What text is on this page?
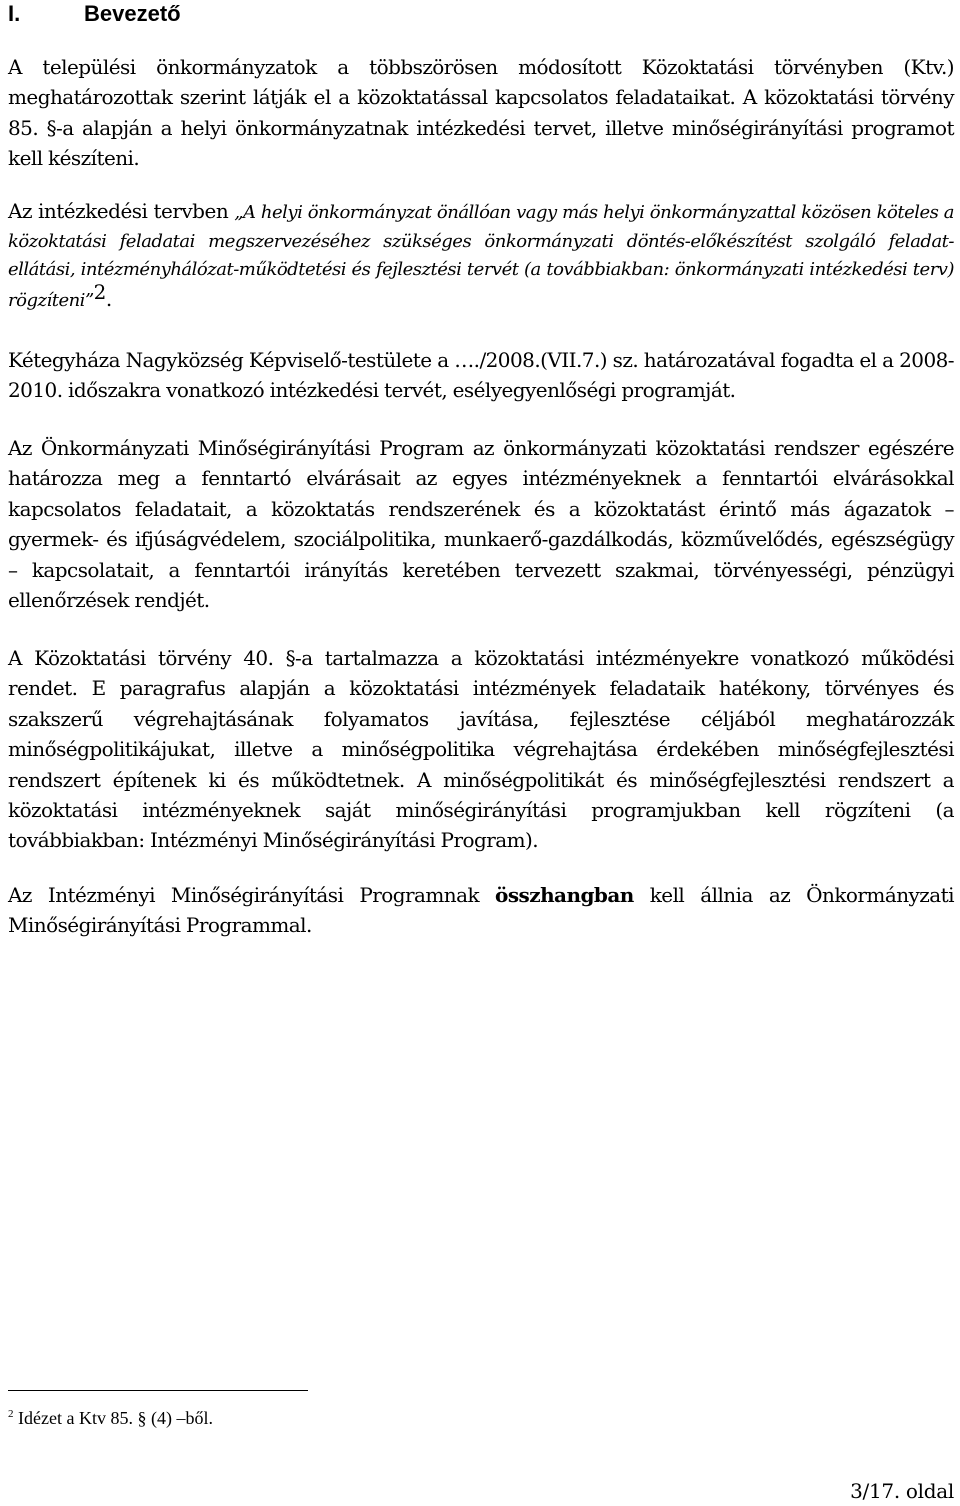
I.	Bevezető

A települési önkormányzatok a többszörösen módosított Közoktatási törvényben (Ktv.) meghatározottak szerint látják el a közoktatással kapcsolatos feladataikat. A közoktatási törvény 85. §-a alapján a helyi önkormányzatnak intézkedési tervet, illetve minőségirányítási programot kell készíteni.

Az intézkedési tervben „A helyi önkormányzat önállóan vagy más helyi önkormányzattal közösen köteles a közoktatási feladatai megszervezéséhez szükséges önkormányzati döntés-előkészítést szolgáló feladat-ellátási, intézményhálózat-működtetési és fejlesztési tervét (a továbbiakban: önkormányzati intézkedési terv) rögzíteni”$^2$.

Kétegyháza Nagyközség Képviselő-testülete a …./2008.(VII.7.) sz. határozatával fogadta el a 2008-2010. időszakra vonatkozó intézkedési tervét, esélyegyenlőségi programját.

Az Önkormányzati Minőségirányítási Program az önkormányzati közoktatási rendszer egészére határozza meg a fenntartó elvárásait az egyes intézményeknek a fenntartói elvárásokkal kapcsolatos feladatait, a közoktatás rendszerének és a közoktatást érintő más ágazatok – gyermek- és ifjúságvédelem, szociálpolitika, munkaerő-gazdálkodás, közművelődés, egészségügy – kapcsolatait, a fenntartói irányítás keretében tervezett szakmai, törvényességi, pénzügyi ellenőrzések rendjét.

A Közoktatási törvény 40. §-a tartalmazza a közoktatási intézményekre vonatkozó működési rendet. E paragrafus alapján a közoktatási intézmények feladataik hatékony, törvényes és szakszerű végrehajtásának folyamatos javítása, fejlesztése céljából meghatározzák minőségpolitikájukat, illetve a minőségpolitika végrehajtása érdekében minőségfejlesztési rendszert építenek ki és működtetnek. A minőségpolitikát és minőségfejlesztési rendszert a közoktatási intézményeknek saját minőségirányítási programjukban kell rögzíteni (a továbbiakban: Intézményi Minőségirányítási Program).

Az Intézményi Minőségirányítási Programnak összhangban kell állnia az Önkormányzati Minőségirányítási Programmal.

$^2$ Idézet a Ktv 85. § (4) –ből.
3/17. oldal
